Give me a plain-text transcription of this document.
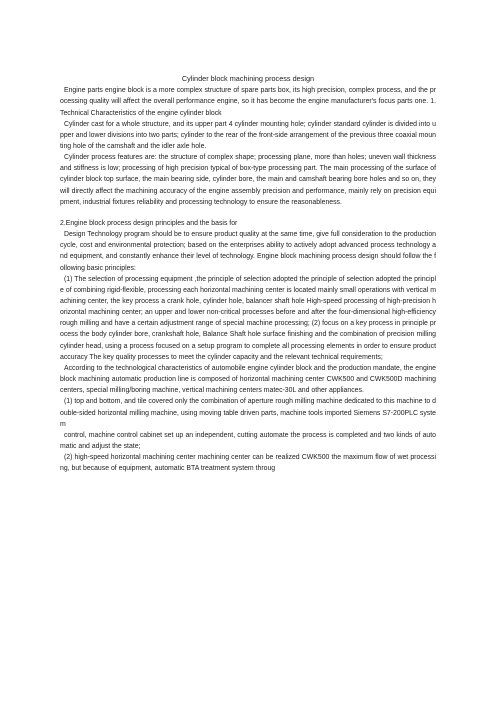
Cylinder block machining process design

Engine parts engine block is a more complex structure of spare parts box, its high precision, complex process, and the processing quality will affect the overall performance engine, so it has become the engine manufacturer's focus parts one. 1.Technical Characteristics of the engine cylinder block

Cylinder cast for a whole structure, and its upper part 4 cylinder mounting hole; cylinder standard cylinder is divided into upper and lower divisions into two parts; cylinder to the rear of the front-side arrangement of the previous three coaxial mounting hole of the camshaft and the idler axle hole.

Cylinder process features are: the structure of complex shape; processing plane, more than holes; uneven wall thickness and stiffness is low; processing of high precision typical of box-type processing part. The main processing of the surface of cylinder block top surface, the main bearing side, cylinder bore, the main and camshaft bearing bore holes and so on, they will directly affect the machining accuracy of the engine assembly precision and performance, mainly rely on precision equipment, industrial fixtures reliability and processing technology to ensure the reasonableness.

2.Engine block process design principles and the basis for

Design Technology program should be to ensure product quality at the same time, give full consideration to the production cycle, cost and environmental protection; based on the enterprises ability to actively adopt advanced process technology and equipment, and constantly enhance their level of technology. Engine block machining process design should follow the following basic principles:

(1) The selection of processing equipment ,the principle of selection adopted the principle of selection adopted the principle of combining rigid-flexible, processing each horizontal machining center is located mainly small operations with vertical machining center, the key process a crank hole, cylinder hole, balancer shaft hole High-speed processing of high-precision horizontal machining center; an upper and lower non-critical processes before and after the four-dimensional high-efficiency rough milling and have a certain adjustment range of special machine processing; (2) focus on a key process in principle process the body cylinder bore, crankshaft hole, Balance Shaft hole surface finishing and the combination of precision milling cylinder head, using a process focused on a setup program to complete all processing elements in order to ensure product accuracy The key quality processes to meet the cylinder capacity and the relevant technical requirements;

According to the technological characteristics of automobile engine cylinder block and the production mandate, the engine block machining automatic production line is composed of horizontal machining center CWK500 and CWK500D machining centers, special milling/boring machine, vertical machining centers matec-30L and other appliances.

(1) top and bottom, and tile covered only the combination of aperture rough milling machine dedicated to this machine to double-sided horizontal milling machine, using moving table driven parts, machine tools imported Siemens S7-200PLC system

control, machine control cabinet set up an independent, cutting automate the process is completed and two kinds of automatic and adjust the state;

(2) high-speed horizontal machining center machining center can be realized CWK500 the maximum flow of wet processing, but because of equipment, automatic BTA treatment system throug
